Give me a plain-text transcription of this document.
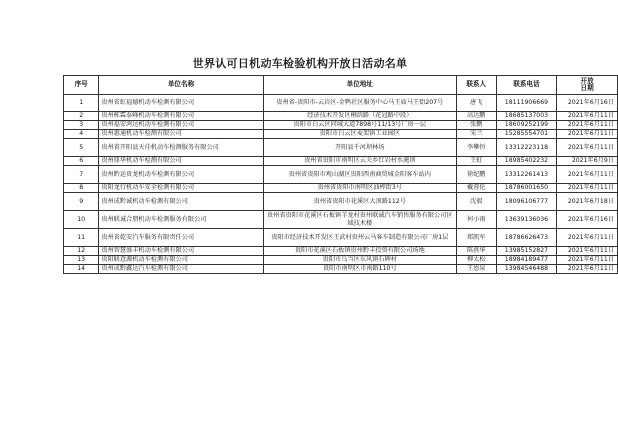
世界认可日机动车检验机构开放日活动名单
序号	单位名称	单位地址	联系人	联系电话	开放
日期
1	贵州省虹福德机动车检测有限公司	贵州省-贵阳市-云岩区-金鸭社区服务中心马王庙马王街207号	唐飞	18111906669	2021年6月16日
2	贵州栋霖泰峰机动车检测有限公司	经济技术开发区桐荫路（花冠路中段）	高达鹏	18685137003	2021年6月11日
3	贵州福安鸿达机动车检测有限公司	贵阳市白云区同城大道7898号11/13号厂房一层	张鹏	18609252199	2021年6月11日
4	贵州惠通机动车检测有限公司	贵阳市白云区麦架镇工业园区	宋兰	15285554701	2021年6月11日
5	贵州省开阳县天佳机动车检测服务有限公司	开阳县千河坝林场	李攀恒	13312223118	2021年6月11日
6	贵州鼎华机动车检测有限公司	贵州省贵阳市南明区云关乡红岩村水淹坝	王虹	18985402232	2021年6月9日
7	贵州黔运贵龙机动车检测有限公司	贵州省贵阳市观山湖区贵阳西南商贸城金阳客车站内	徐妃鹏	13312261413	2021年6月11日
8	贵阳龙行机动车安全检测有限公司	贵州省贵阳市南明区油榨街3号	戴蓉伦	18786001650	2021年6月11日
9	贵州成黔诚机动车检测有限公司	贵州省贵阳市花溪区大顶路112号	沈毅	18096106777	2021年6月18日
10	贵州联诚合朋机动车检测服务有限公司	贵州省贵阳市花溪区石板镇羊龙村贵州联诚汽车销售服务有限公司区域技术楼	何小雨	13639136036	2021年6月16日
11	贵州省乾安汽车服务有限责任公司	贵阳市经济技术开发区王武村贵州云马客车制造有限公司厂房1层	郑凯军	18786626473	2021年6月11日
12	贵州智慧盛丰机动车检测有限公司	贵阳市花溪区石板镇贵州黔丰投资有限公司场地	陈燕华	13985152827	2021年6月11日
13	贵阳联意源机动车检测有限公司	贵阳市乌当区东风镇石碑村	柳太松	18984189477	2021年6月11日
14	贵州成黔鑫达汽车检测有限公司	贵阳市南明区市南路110号	王恩泉	13984546488	2021年6月11日
